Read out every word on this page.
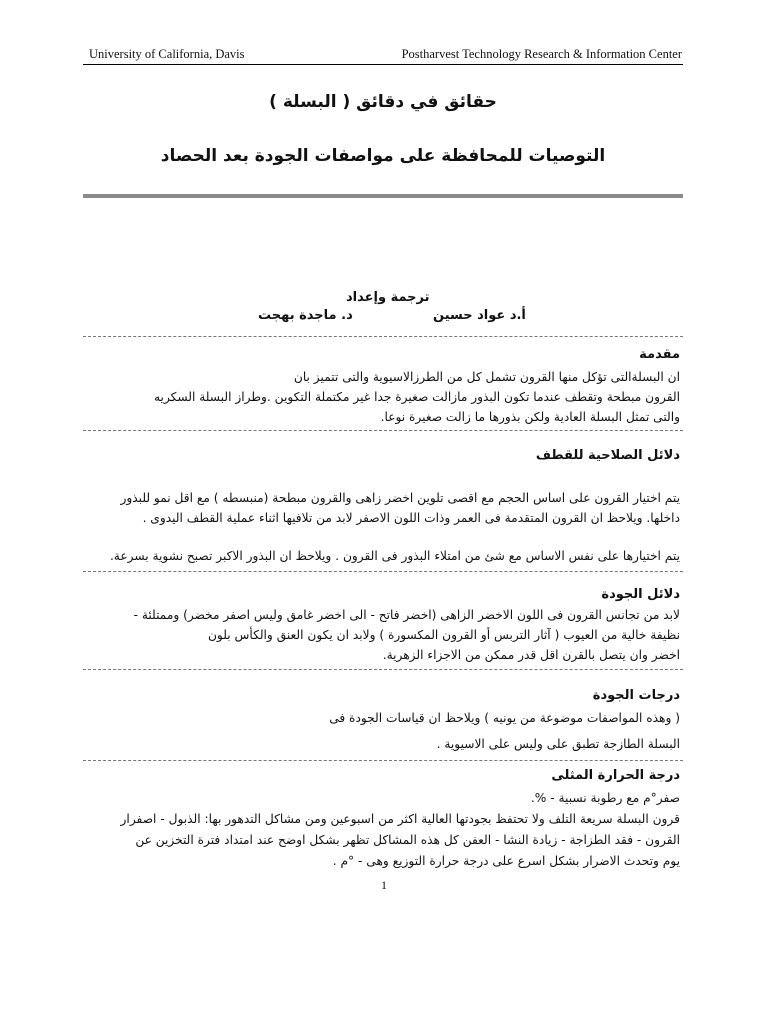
University of California, Davis	Postharvest Technology Research & Information Center
حقائق في دقائق ( البسلة )
التوصيات للمحافظة على مواصفات الجودة بعد الحصاد
ترجمة وإعداد
أ.د عواد حسين
د. ماجدة بهجت
مقدمة
ان البسلةالتى تؤكل منها القرون تشمل كل من الطرزالاسيوية والتى تتميز بان
القرون مبطحة وتقطف عندما تكون البذور مازالت صغيرة جدا غير مكتملة التكوين .وطراز البسلة السكريه
والتى تمثل البسلة العادية ولكن بذورها ما زالت صغيرة نوعا.
دلائل الصلاحية للقطف
يتم اختيار القرون على اساس الحجم مع اقصى تلوين اخضر زاهى والقرون مبطحة (منبسطه ) مع اقل نمو للبذور
داخلها. ويلاحظ ان القرون المتقدمة فى العمر وذات اللون الاصفر لابد من تلافيها اثناء عملية القطف اليدوى .
يتم اختيارها على نفس الاساس مع شئ من امتلاء البذور فى القرون . ويلاحظ ان البذور الاكبر تصبح نشوية بسرعة.
دلائل الجودة
لابد من تجانس القرون فى اللون الاخضر الزاهى (اخضر فاتح - الى اخضر غامق وليس اصفر مخضر) وممتلئة -
نظيفة خالية من العيوب ( آثار التربس أو القرون المكسورة ) ولابد ان يكون العنق والكأس بلون
اخضر وان يتصل بالقرن اقل قدر ممكن من الاجزاء الزهرية.
درجات الجودة
( وهذه المواصفات موضوعة من يونيه ) ويلاحظ ان قياسات الجودة فى
البسلة الطازجة تطبق على وليس على الاسيوية .
درجة الحرارة المثلى
صفر°م مع رطوبة نسبية - %.
قرون البسلة سريعة التلف ولا تحتفظ بجودتها العالية اكثر من اسبوعين ومن مشاكل التدهور بها: الذبول - اصفرار
القرون - فقد الطزاجة - زيادة النشا - العفن كل هذه المشاكل تظهر بشكل اوضح عند امتداد فترة التخزين عن
يوم وتحدث الاضرار بشكل اسرع على درجة حرارة التوزيع وهى - °م .
1
